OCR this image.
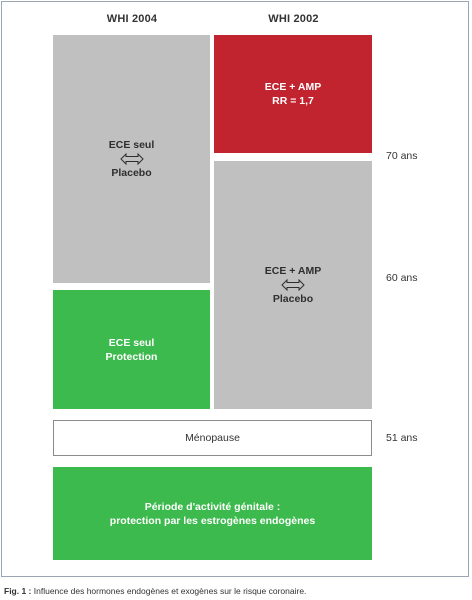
WHI 2004	WHI 2002
ECE seul
Placebo
ECE seul
Protection
ECE + AMP
RR = 1,7
ECE + AMP
Placebo
Ménopause
Période d'activité génitale :
protection par les estrogènes endogènes
70 ans
60 ans
51 ans
Fig. 1 : Influence des hormones endogènes et exogènes sur le risque coronaire.
